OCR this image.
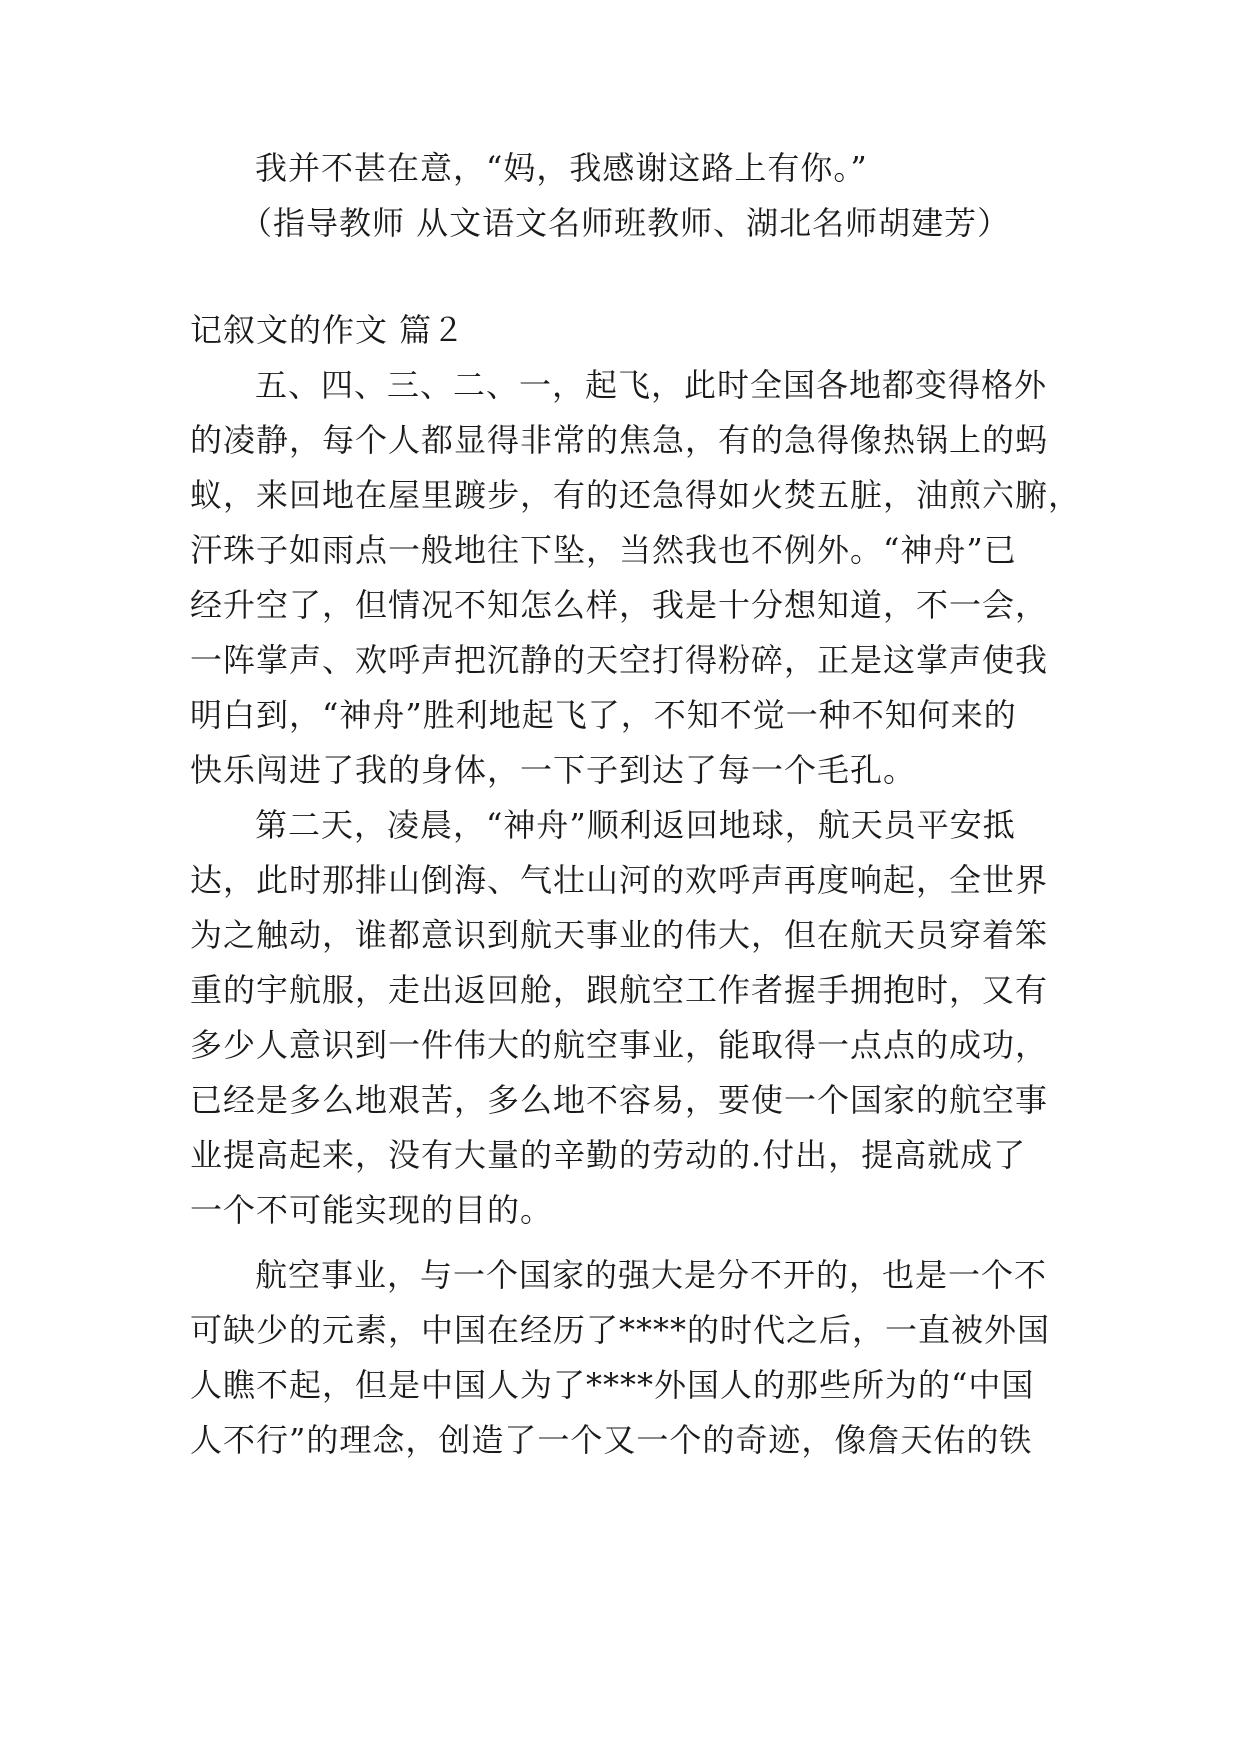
我并不甚在意，“妈，我感谢这路上有你。”
（指导教师 从文语文名师班教师、湖北名师胡建芳）
记叙文的作文 篇２
五、四、三、二、一，起飞，此时全国各地都变得格外
的凌静，每个人都显得非常的焦急，有的急得像热锅上的蚂
蚁，来回地在屋里踱步，有的还急得如火焚五脏，油煎六腑，
汗珠子如雨点一般地往下坠，当然我也不例外。“神舟”已
经升空了，但情况不知怎么样，我是十分想知道，不一会，
一阵掌声、欢呼声把沉静的天空打得粉碎，正是这掌声使我
明白到，“神舟”胜利地起飞了，不知不觉一种不知何来的
快乐闯进了我的身体，一下子到达了每一个毛孔。
第二天，凌晨，“神舟”顺利返回地球，航天员平安抵
达，此时那排山倒海、气壮山河的欢呼声再度响起，全世界
为之触动，谁都意识到航天事业的伟大，但在航天员穿着笨
重的宇航服，走出返回舱，跟航空工作者握手拥抱时，又有
多少人意识到一件伟大的航空事业，能取得一点点的成功，
已经是多么地艰苦，多么地不容易，要使一个国家的航空事
业提高起来，没有大量的辛勤的劳动的.付出，提高就成了
一个不可能实现的目的。
航空事业，与一个国家的强大是分不开的，也是一个不
可缺少的元素，中国在经历了****的时代之后，一直被外国
人瞧不起，但是中国人为了****外国人的那些所为的“中国
人不行”的理念，创造了一个又一个的奇迹，像詹天佑的铁
